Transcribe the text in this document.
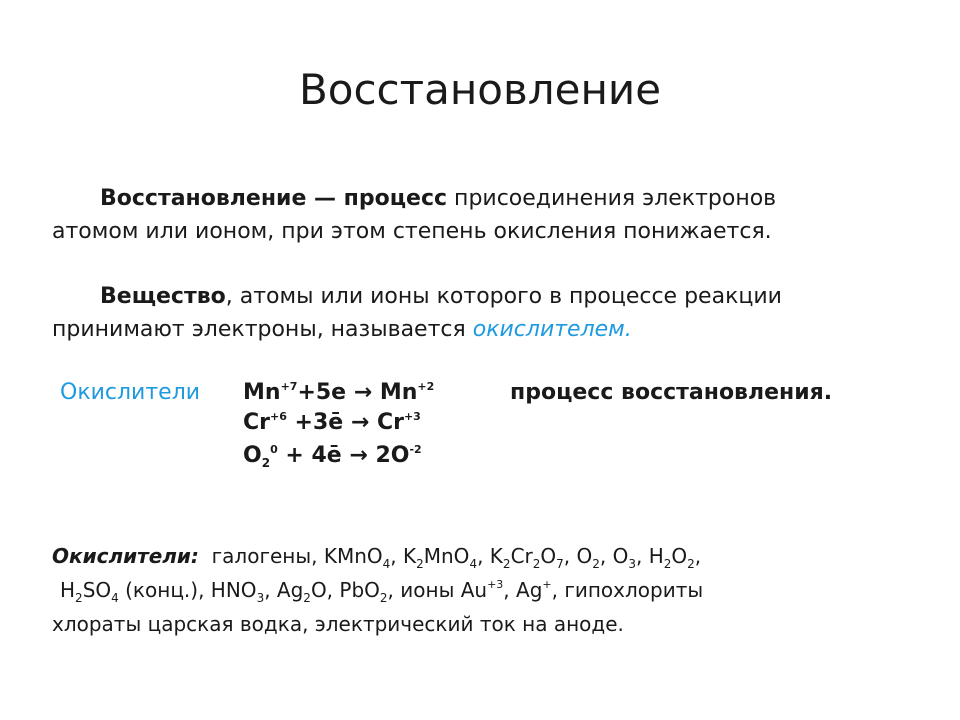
Восстановление
Восстановление — процесс присоединения электронов
атомом или ионом, при этом степень окисления понижается.
Вещество, атомы или ионы которого в процессе реакции
принимают электроны, называется окислителем.
Окислители $Mn^{+7}+5e \to Mn^{+2}$
$Cr^{+6}$ +3ē → $Cr^{+3}$
$O_2^0$ + 4ē → $2O^{-2}$
процесс восстановления.
Окислители: галогены, KMnO$_4$, $K_2MnO_4$, $K_2Cr_2O_7$, $O_2$, $O_3$, $H_2O_2$,
$H_2SO_4$ (конц.), $HNO_3$, $Ag_2O$, PbO$_2$, ионы $Au^{+3}$, Ag+, гипохлориты
хлораты царская водка, электрический ток на аноде.
